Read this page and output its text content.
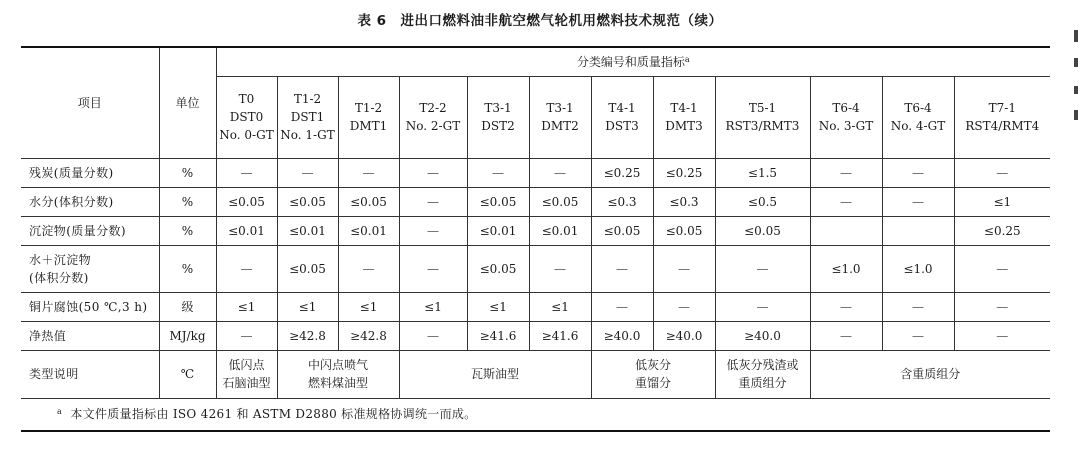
表 6　进出口燃料油非航空燃气轮机用燃料技术规范（续）
项目	单位	分类编号和质量指标$^a$
		T0
DST0
No. 0-GT	T1-2
DST1
No. 1-GT	T1-2
DMT1	T2-2
No. 2-GT	T3-1
DST2	T3-1
DMT2	T4-1
DST3	T4-1
DMT3	T5-1
RST3/RMT3	T6-4
No. 3-GT	T6-4
No. 4-GT	T7-1
RST4/RMT4
残炭(质量分数)	%	—	—	—	—	—	—	≤0.25	≤0.25	≤1.5	—	—	—
水分(体积分数)	%	≤0.05	≤0.05	≤0.05	—	≤0.05	≤0.05	≤0.3	≤0.3	≤0.5	—	—	≤1
沉淀物(质量分数)	%	≤0.01	≤0.01	≤0.01	—	≤0.01	≤0.01	≤0.05	≤0.05	≤0.05			≤0.25
水＋沉淀物
(体积分数)	%	—	≤0.05	—	—	≤0.05	—	—	—	—	≤1.0	≤1.0	—
铜片腐蚀(50 ℃,3 h)	级	≤1	≤1	≤1	≤1	≤1	≤1	—	—	—	—	—	—
净热值	MJ/kg	—	≥42.8	≥42.8	—	≥41.6	≥41.6	≥40.0	≥40.0	≥40.0	—	—	—
类型说明	℃	低闪点
石脑油型	中闪点喷气
燃料煤油型		瓦斯油型			低灰分
重馏分		低灰分残渣或
重质组分	含重质组分		
$^a$ 本文件质量指标由 ISO 4261 和 ASTM D2880 标准规格协调统一而成。													
